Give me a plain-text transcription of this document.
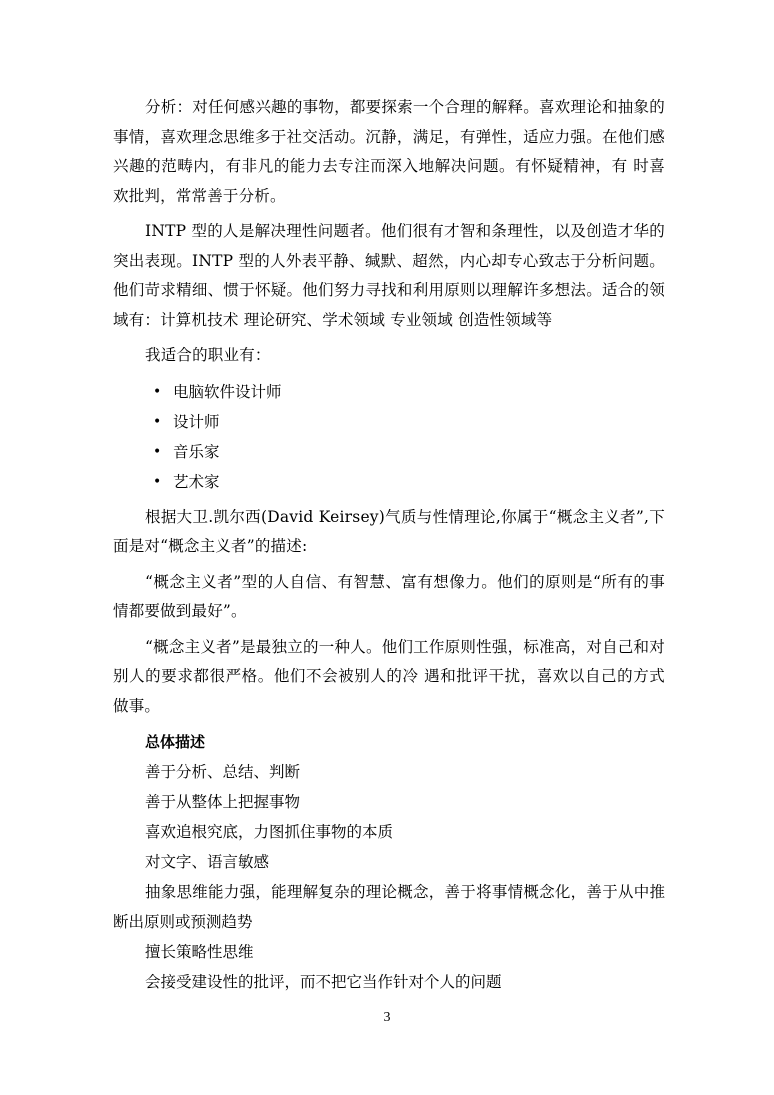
分析：对任何感兴趣的事物，都要探索一个合理的解释。喜欢理论和抽象的事情，喜欢理念思维多于社交活动。沉静，满足，有弹性，适应力强。在他们感兴趣的范畴内，有非凡的能力去专注而深入地解决问题。有怀疑精神，有 时喜欢批判，常常善于分析。

INTP 型的人是解决理性问题者。他们很有才智和条理性，以及创造才华的突出表现。INTP 型的人外表平静、缄默、超然，内心却专心致志于分析问题。他们苛求精细、惯于怀疑。他们努力寻找和利用原则以理解许多想法。适合的领域有：计算机技术 理论研究、学术领域 专业领域 创造性领域等

我适合的职业有：

• 电脑软件设计师
• 设计师
• 音乐家
• 艺术家

根据大卫.凯尔西(David Keirsey)气质与性情理论,你属于“概念主义者”,下面是对“概念主义者”的描述:

“概念主义者”型的人自信、有智慧、富有想像力。他们的原则是“所有的事情都要做到最好”。

“概念主义者”是最独立的一种人。他们工作原则性强，标准高，对自己和对别人的要求都很严格。他们不会被别人的冷 遇和批评干扰，喜欢以自己的方式做事。

总体描述

善于分析、总结、判断

善于从整体上把握事物

喜欢追根究底，力图抓住事物的本质

对文字、语言敏感

抽象思维能力强，能理解复杂的理论概念，善于将事情概念化，善于从中推断出原则或预测趋势

擅长策略性思维

会接受建设性的批评，而不把它当作针对个人的问题

3
